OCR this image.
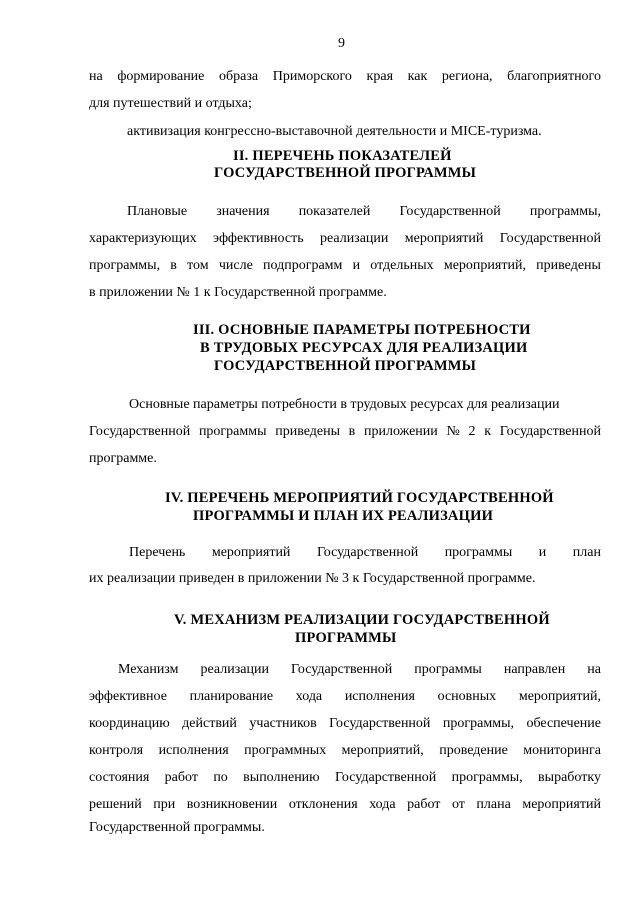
9
на формирование образа Приморского края как региона, благоприятного
для путешествий и отдыха;
активизация конгрессно-выставочной деятельности и MICE-туризма.
II. ПЕРЕЧЕНЬ ПОКАЗАТЕЛЕЙ
ГОСУДАРСТВЕННОЙ ПРОГРАММЫ
Плановые значения показателей Государственной программы,
характеризующих эффективность реализации мероприятий Государственной
программы, в том числе подпрограмм и отдельных мероприятий, приведены
в приложении № 1 к Государственной программе.
III. ОСНОВНЫЕ ПАРАМЕТРЫ ПОТРЕБНОСТИ
В ТРУДОВЫХ РЕСУРСАХ ДЛЯ РЕАЛИЗАЦИИ
ГОСУДАРСТВЕННОЙ ПРОГРАММЫ
Основные параметры потребности в трудовых ресурсах для реализации
Государственной программы приведены в приложении № 2 к Государственной
программе.
IV. ПЕРЕЧЕНЬ МЕРОПРИЯТИЙ ГОСУДАРСТВЕННОЙ
ПРОГРАММЫ И ПЛАН ИХ РЕАЛИЗАЦИИ
Перечень мероприятий Государственной программы и план
их реализации приведен в приложении № 3 к Государственной программе.
V. МЕХАНИЗМ РЕАЛИЗАЦИИ ГОСУДАРСТВЕННОЙ
ПРОГРАММЫ
Механизм реализации Государственной программы направлен на
эффективное планирование хода исполнения основных мероприятий,
координацию действий участников Государственной программы, обеспечение
контроля исполнения программных мероприятий, проведение мониторинга
состояния работ по выполнению Государственной программы, выработку
решений при возникновении отклонения хода работ от плана мероприятий
Государственной программы.
